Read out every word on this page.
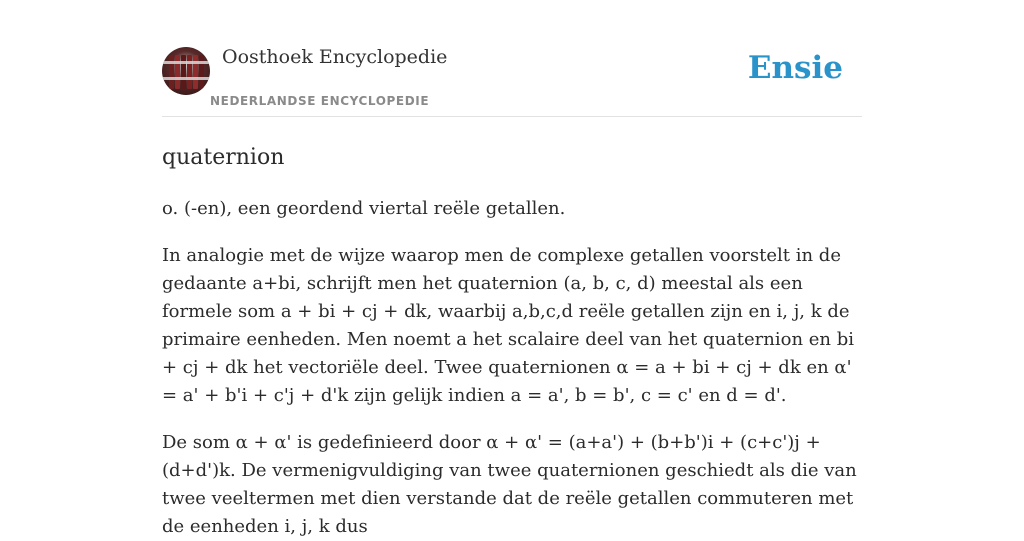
Oosthoek Encyclopedie
NEDERLANDSE ENCYCLOPEDIE
Ensie
quaternion

o. (-en), een geordend viertal reële getallen.

In analogie met de wijze waarop men de complexe getallen voorstelt in de gedaante a+bi, schrijft men het quaternion (a, b, c, d) meestal als een formele som a + bi + cj + dk, waarbij a,b,c,d reële getallen zijn en i, j, k de primaire eenheden. Men noemt a het scalaire deel van het quaternion en bi + cj + dk het vectoriële deel. Twee quaternionen α = a + bi + cj + dk en α' = a' + b'i + c'j + d'k zijn gelijk indien a = a', b = b', c = c' en d = d'.

De som α + α' is gedefinieerd door α + α' = (a+a') + (b+b')i + (c+c')j + (d+d')k. De vermenigvuldiging van twee quaternionen geschiedt als die van twee veeltermen met dien verstande dat de reële getallen commuteren met de eenheden i, j, k dus
